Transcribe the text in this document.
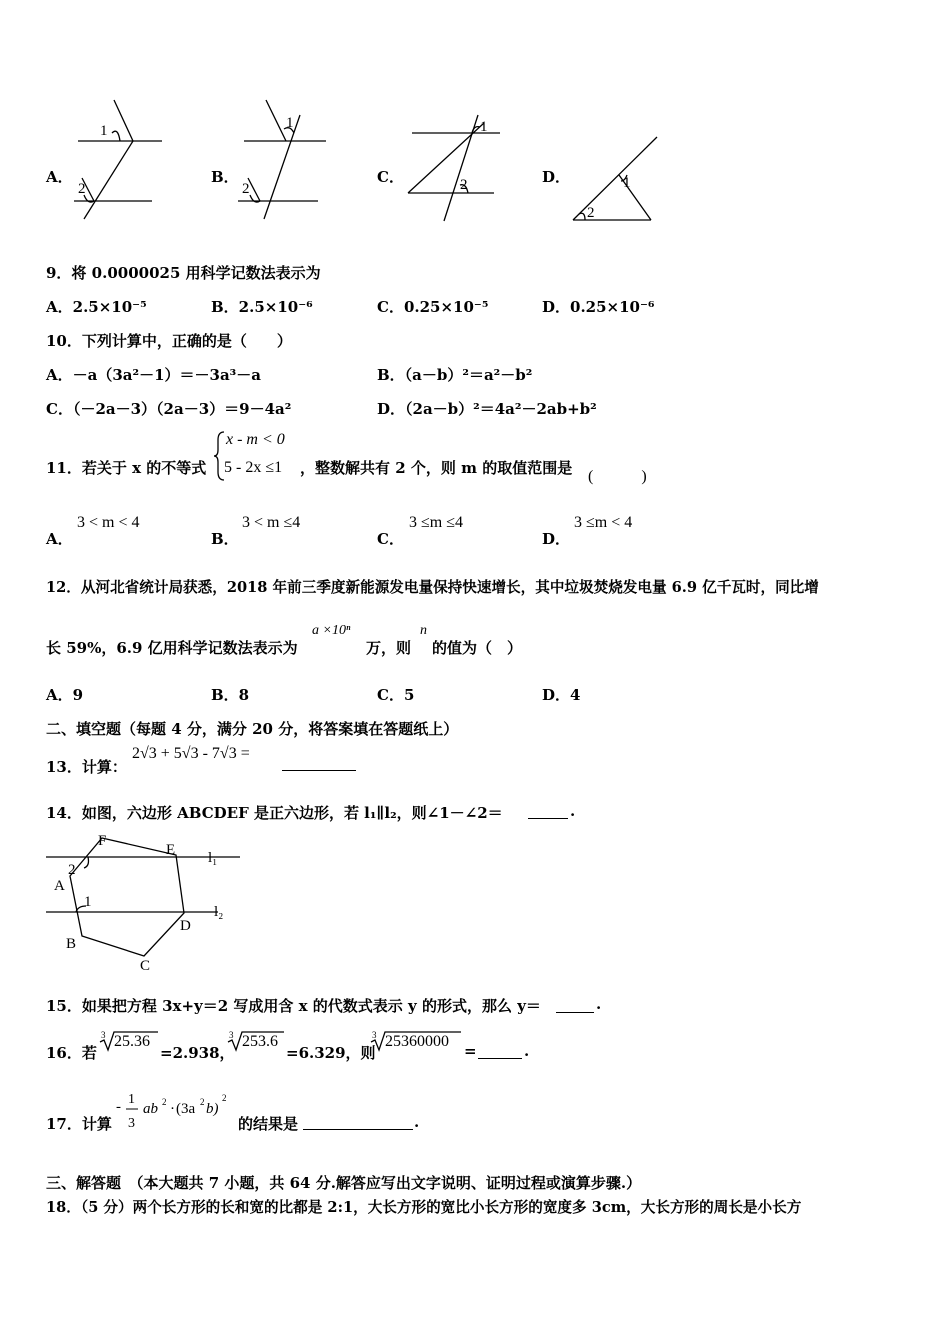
A．
1
2
B．
1
2
C．
1
2	D．	1
2
9．将 0.0000025 用科学记数法表示为
A．2.5×10⁻⁵	B．2.5×10⁻⁶	C．0.25×10⁻⁵	D．0.25×10⁻⁶
10．下列计算中，正确的是（　　）
A．－a（3a²－1）＝－3a³－a	B．（a－b）²＝a²－b²
C．（－2a－3）（2a－3）＝9－4a²	D．（2a－b）²＝4a²－2ab+b²
11．若关于 x 的不等式
x - m < 0
5 - 2x ≤1 ，整数解共有 2 个，则 m 的取值范围是 (　　　)
A．
3 < m < 4
B．
3 < m ≤4
C．
3 ≤m ≤4
D．
3 ≤m < 4
12．从河北省统计局获悉，2018 年前三季度新能源发电量保持快速增长，其中垃圾焚烧发电量 6.9 亿千瓦时，同比增
长 59%，6.9 亿用科学记数法表示为
a ×10ⁿ
万，则
n
的值为（　）
A．9	B．8	C．5	D．4
二、填空题（每题 4 分，满分 20 分，将答案填在答题纸上）
13．计算：
2√3 + 5√3 - 7√3 =
14．如图，六边形 ABCDEF 是正六边形，若 l₁∥l₂，则∠1－∠2＝	.
F
E
A
B
C
D
l₁
l₂
1
2
15．如果把方程 3x+y＝2 写成用含 x 的代数式表示 y 的形式，那么 y＝	.
16．若
3 25.36
=2.938，
3 253.6
=6.329，则
3 25360000
=	.
17．计算
- 1
3
ab 2 · (3a 2 b)
2
的结果是	.
三、解答题　（本大题共 7 小题，共 64 分.解答应写出文字说明、证明过程或演算步骤.）
18．（5 分）两个长方形的长和宽的比都是 2:1，大长方形的宽比小长方形的宽度多 3cm，大长方形的周长是小长方
